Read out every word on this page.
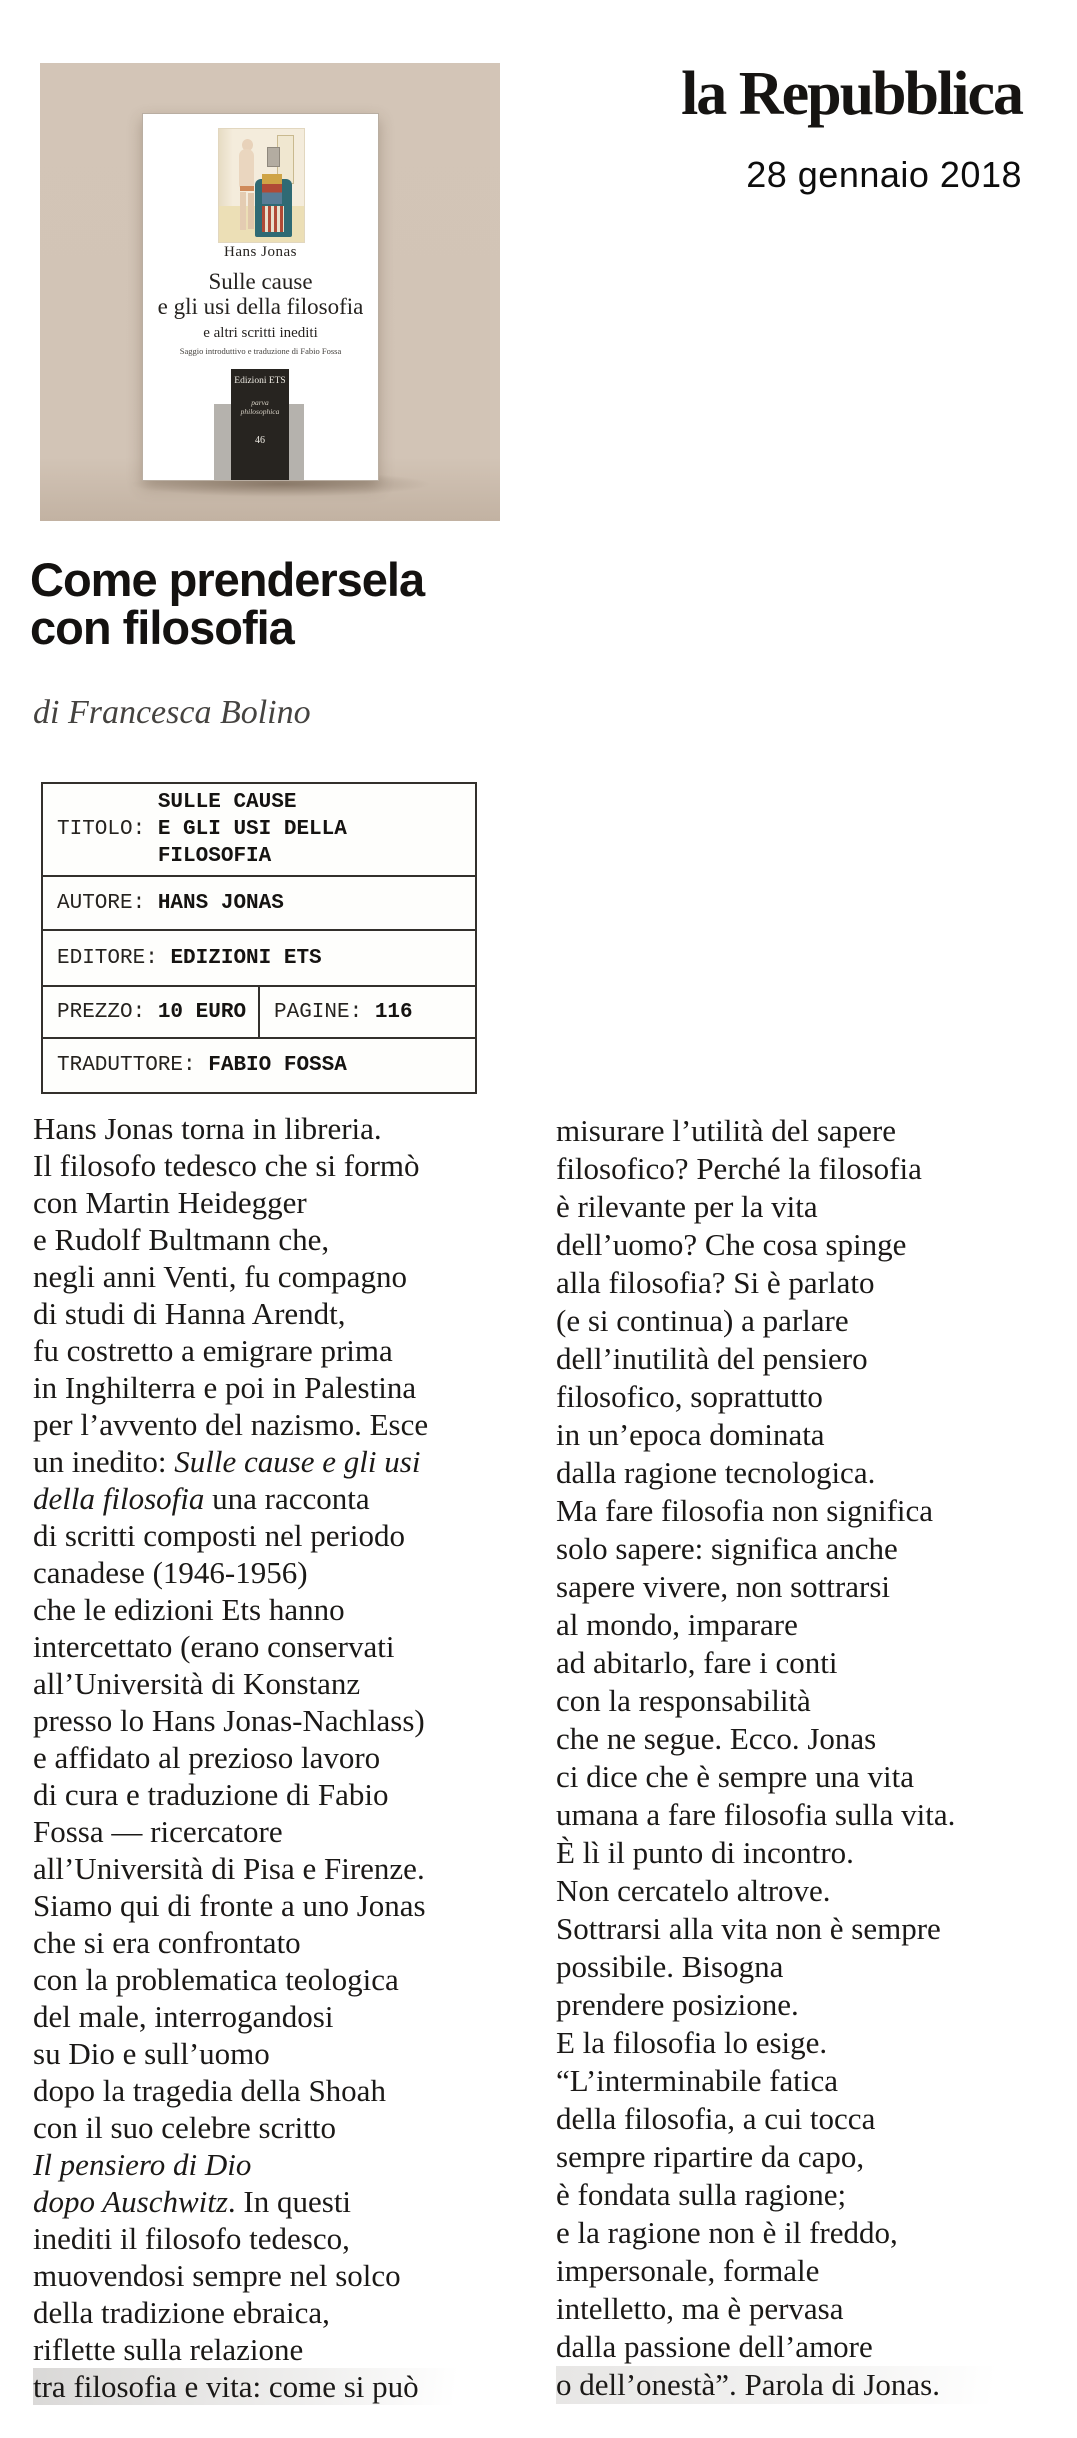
Hans Jonas
Sulle cause
e gli usi della filosofia
e altri scritti inediti
Saggio introduttivo e traduzione di Fabio Fossa
Edizioni ETS
parva
philosophica
46
la Repubblica
28 gennaio 2018
Come prendersela
con filosofia
di Francesca Bolino
TITOLO:

SULLE CAUSE
E GLI USI DELLA FILOSOFIA
AUTORE:
HANS JONAS
EDITORE:
EDIZIONI ETS
PREZZO:
10 EURO PAGINE:
116
TRADUTTORE:
FABIO FOSSA
Hans Jonas torna in libreria.
Il filosofo tedesco che si formò
con Martin Heidegger
e Rudolf Bultmann che,
negli anni Venti, fu compagno
di studi di Hanna Arendt,
fu costretto a emigrare prima
in Inghilterra e poi in Palestina
per l’avvento del nazismo. Esce
un inedito: Sulle cause e gli usi
della filosofia una racconta
di scritti composti nel periodo
canadese (1946-1956)
che le edizioni Ets hanno
intercettato (erano conservati
all’Università di Konstanz
presso lo Hans Jonas-Nachlass)
e affidato al prezioso lavoro
di cura e traduzione di Fabio
Fossa — ricercatore
all’Università di Pisa e Firenze.
Siamo qui di fronte a uno Jonas
che si era confrontato
con la problematica teologica
del male, interrogandosi
su Dio e sull’uomo
dopo la tragedia della Shoah
con il suo celebre scritto
Il pensiero di Dio
dopo Auschwitz. In questi
inediti il filosofo tedesco,
muovendosi sempre nel solco
della tradizione ebraica,
riflette sulla relazione
tra filosofia e vita: come si può
misurare l’utilità del sapere
filosofico? Perché la filosofia
è rilevante per la vita
dell’uomo? Che cosa spinge
alla filosofia? Si è parlato
(e si continua) a parlare
dell’inutilità del pensiero
filosofico, soprattutto
in un’epoca dominata
dalla ragione tecnologica.
Ma fare filosofia non significa
solo sapere: significa anche
sapere vivere, non sottrarsi
al mondo, imparare
ad abitarlo, fare i conti
con la responsabilità
che ne segue. Ecco. Jonas
ci dice che è sempre una vita
umana a fare filosofia sulla vita.
È lì il punto di incontro.
Non cercatelo altrove.
Sottrarsi alla vita non è sempre
possibile. Bisogna
prendere posizione.
E la filosofia lo esige.
“L’interminabile fatica
della filosofia, a cui tocca
sempre ripartire da capo,
è fondata sulla ragione;
e la ragione non è il freddo,
impersonale, formale
intelletto, ma è pervasa
dalla passione dell’amore
o dell’onestà”. Parola di Jonas.
